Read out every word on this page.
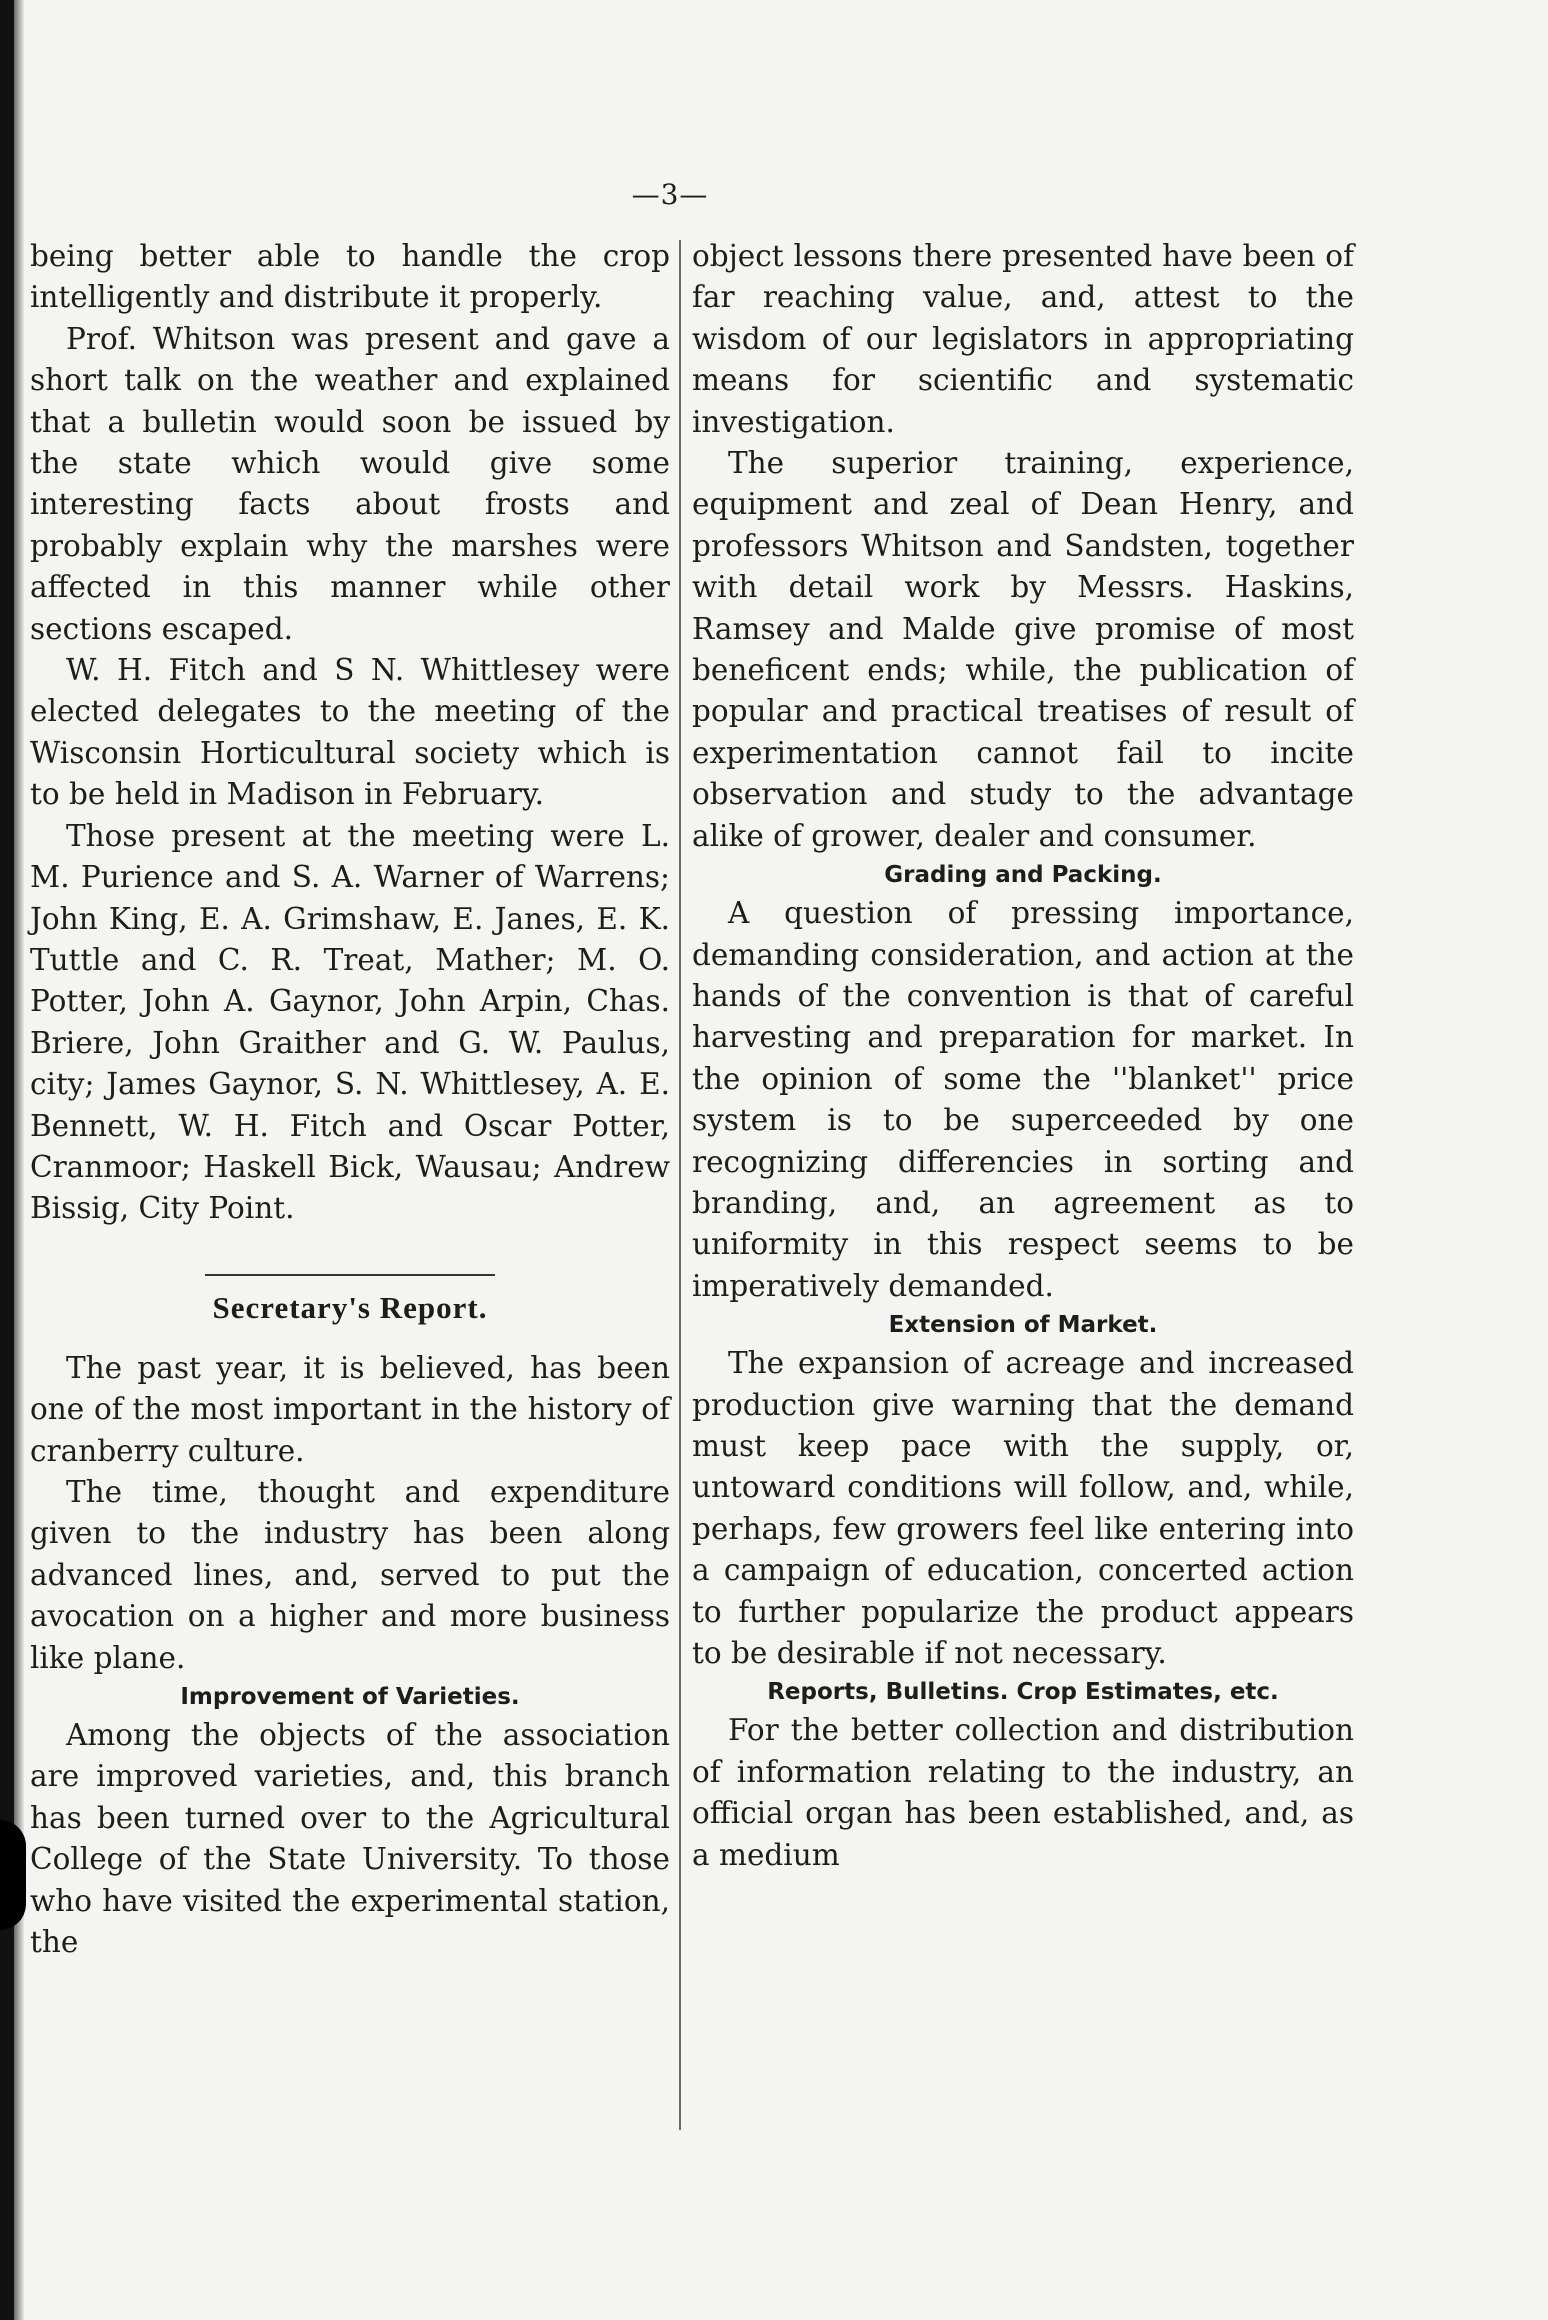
—3—

being better able to handle the crop intelligently and distribute it properly.

Prof. Whitson was present and gave a short talk on the weather and explained that a bulletin would soon be issued by the state which would give some interesting facts about frosts and probably explain why the marshes were affected in this manner while other sections escaped.

W. H. Fitch and S N. Whittlesey were elected delegates to the meeting of the Wisconsin Horticultural society which is to be held in Madison in February.

Those present at the meeting were L. M. Purience and S. A. Warner of Warrens; John King, E. A. Grimshaw, E. Janes, E. K. Tuttle and C. R. Treat, Mather; M. O. Potter, John A. Gaynor, John Arpin, Chas. Briere, John Graither and G. W. Paulus, city; James Gaynor, S. N. Whittlesey, A. E. Bennett, W. H. Fitch and Oscar Potter, Cranmoor; Haskell Bick, Wausau; Andrew Bissig, City Point.

Secretary's Report.

The past year, it is believed, has been one of the most important in the history of cranberry culture.

The time, thought and expenditure given to the industry has been along advanced lines, and, served to put the avocation on a higher and more business like plane.

Improvement of Varieties.

Among the objects of the association are improved varieties, and, this branch has been turned over to the Agricultural College of the State University. To those who have visited the experimental station, the

object lessons there presented have been of far reaching value, and, attest to the wisdom of our legislators in appropriating means for scientific and systematic investigation.

The superior training, experience, equipment and zeal of Dean Henry, and professors Whitson and Sandsten, together with detail work by Messrs. Haskins, Ramsey and Malde give promise of most beneficent ends; while, the publication of popular and practical treatises of result of experimentation cannot fail to incite observation and study to the advantage alike of grower, dealer and consumer.

Grading and Packing.

A question of pressing importance, demanding consideration, and action at the hands of the convention is that of careful harvesting and preparation for market. In the opinion of some the ''blanket'' price system is to be superceeded by one recognizing differencies in sorting and branding, and, an agreement as to uniformity in this respect seems to be imperatively demanded.

Extension of Market.

The expansion of acreage and increased production give warning that the demand must keep pace with the supply, or, untoward conditions will follow, and, while, perhaps, few growers feel like entering into a campaign of education, concerted action to further popularize the product appears to be desirable if not necessary.

Reports, Bulletins. Crop Estimates, etc.

For the better collection and distribution of information relating to the industry, an official organ has been established, and, as a medium
